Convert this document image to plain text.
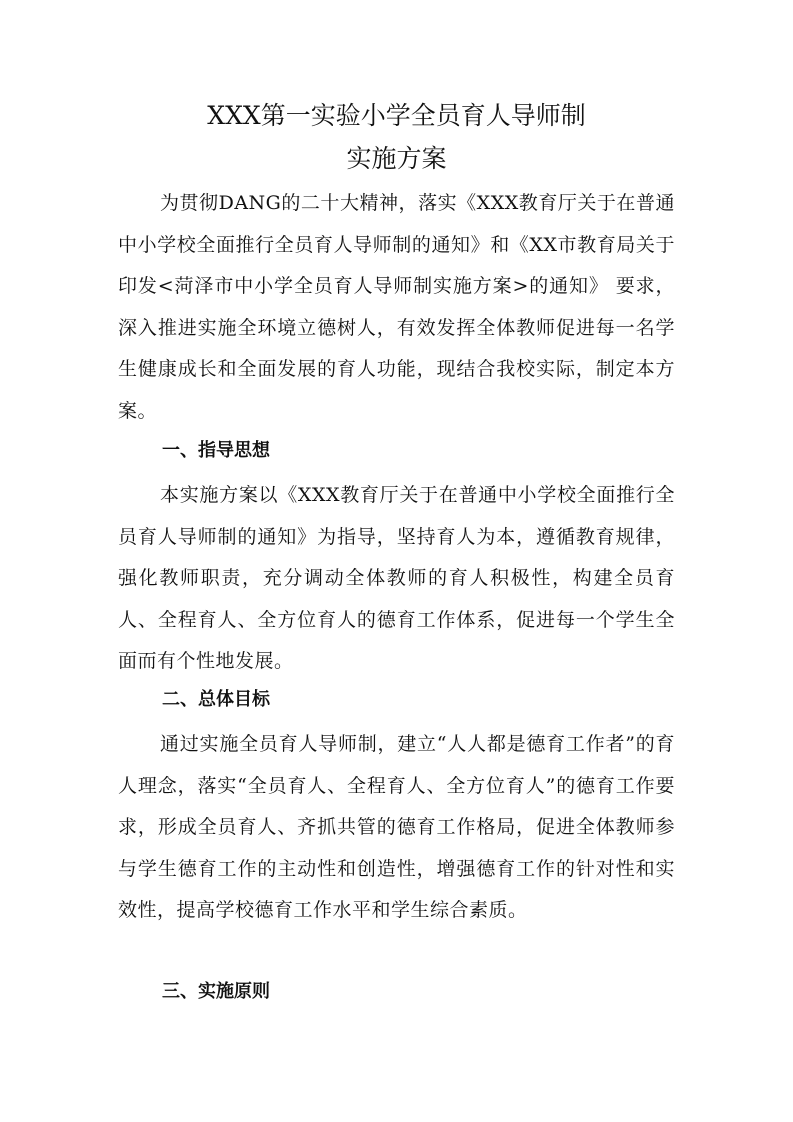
XXX第一实验小学全员育人导师制
实施方案

为贯彻DANG的二十大精神，落实《XXX教育厅关于在普通中小学校全面推行全员育人导师制的通知》和《XX市教育局关于印发<菏泽市中小学全员育人导师制实施方案>的通知》 要求，深入推进实施全环境立德树人，有效发挥全体教师促进每一名学生健康成长和全面发展的育人功能，现结合我校实际，制定本方案。

一、指导思想

本实施方案以《XXX教育厅关于在普通中小学校全面推行全员育人导师制的通知》为指导，坚持育人为本，遵循教育规律，强化教师职责，充分调动全体教师的育人积极性，构建全员育人、全程育人、全方位育人的德育工作体系，促进每一个学生全面而有个性地发展。

二、总体目标

通过实施全员育人导师制，建立“人人都是德育工作者”的育人理念，落实“全员育人、全程育人、全方位育人”的德育工作要求，形成全员育人、齐抓共管的德育工作格局，促进全体教师参与学生德育工作的主动性和创造性，增强德育工作的针对性和实效性，提高学校德育工作水平和学生综合素质。

三、实施原则
